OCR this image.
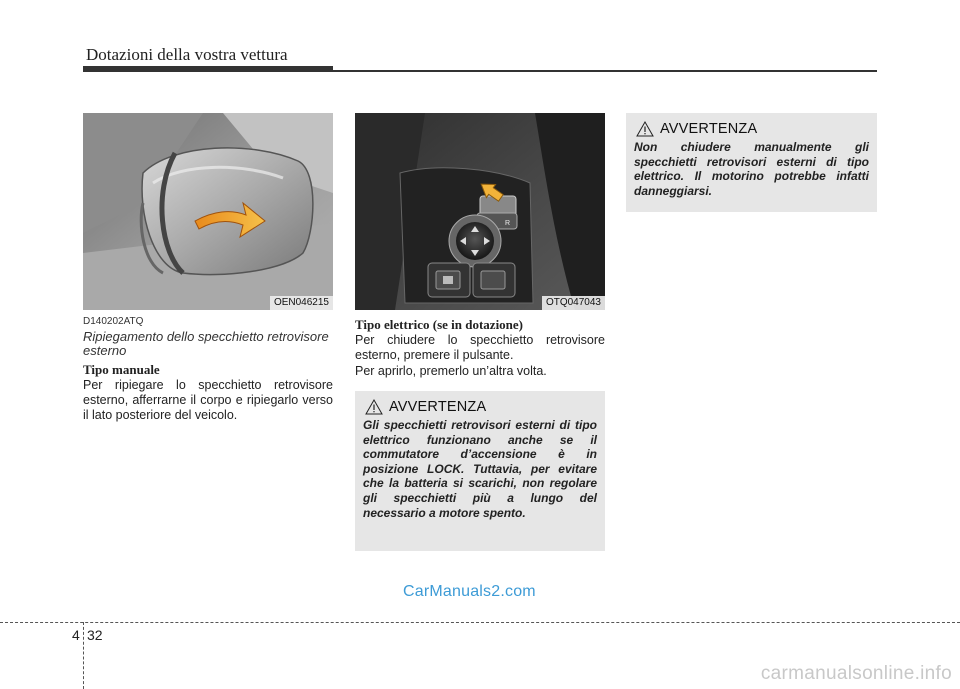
Dotazioni della vostra vettura
OEN046215
R
OTQ047043
D140202ATQ
Ripiegamento dello specchietto retrovisore esterno
Tipo manuale
Per ripiegare lo specchietto retrovisore esterno, afferrarne il corpo e ripiegarlo verso il lato posteriore del veicolo.
Tipo elettrico (se in dotazione)
Per chiudere lo specchietto retrovisore esterno, premere il pulsante.
Per aprirlo, premerlo un’altra volta.
AVVERTENZA
Gli specchietti retrovisori esterni di tipo elettrico funzionano anche se il commutatore d’accensione è in posizione LOCK. Tuttavia, per evitare che la batteria si scarichi, non regolare gli specchietti più a lungo del necessario a motore spento.
AVVERTENZA
Non chiudere manualmente gli specchietti retrovisori esterni di tipo elettrico. Il motorino potrebbe infatti danneggiarsi.
CarManuals2.com
4 32
carmanualsonline.info
